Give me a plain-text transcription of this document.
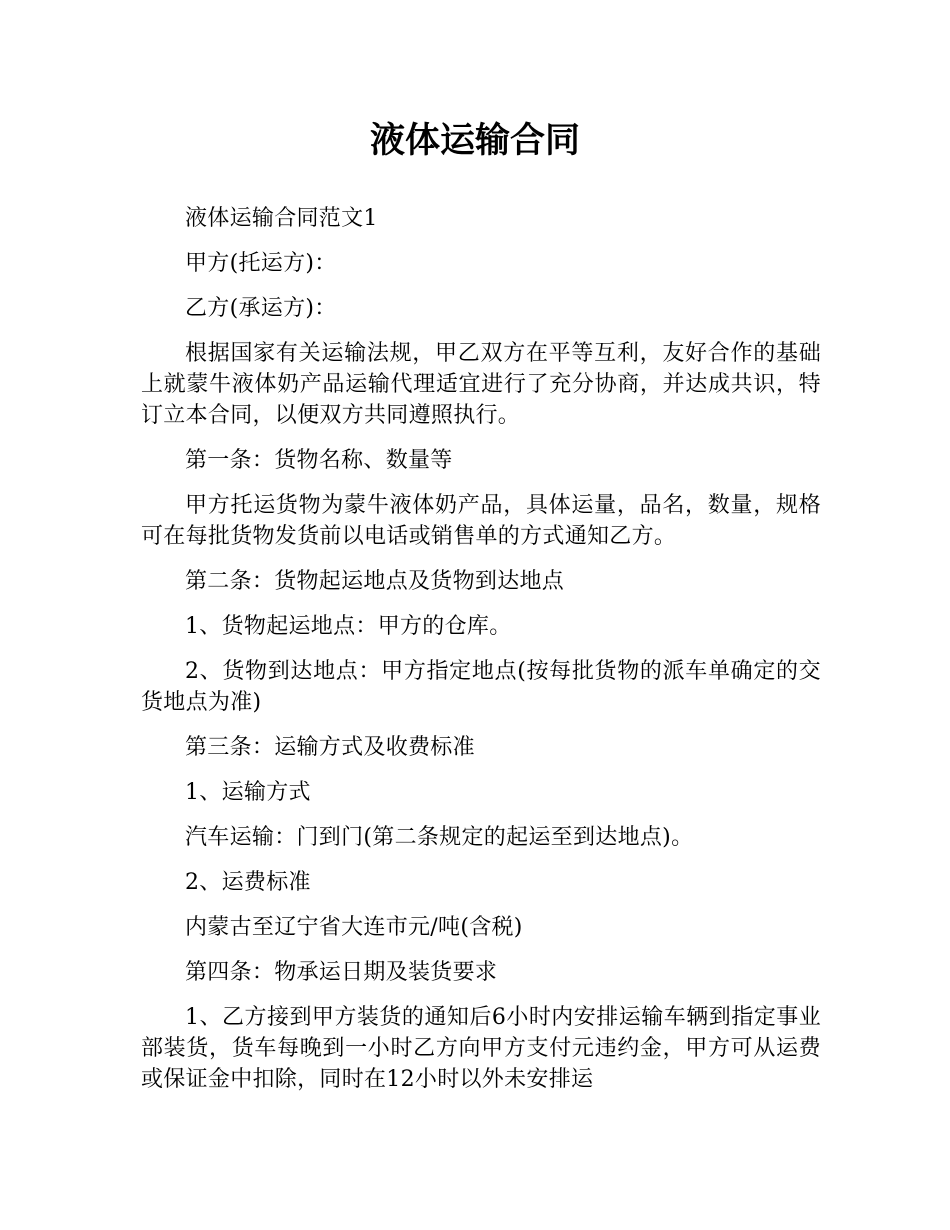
液体运输合同

液体运输合同范文1

甲方(托运方)：

乙方(承运方)：

根据国家有关运输法规，甲乙双方在平等互利，友好合作的基础上就蒙牛液体奶产品运输代理适宜进行了充分协商，并达成共识，特订立本合同，以便双方共同遵照执行。

第一条：货物名称、数量等

甲方托运货物为蒙牛液体奶产品，具体运量，品名，数量，规格可在每批货物发货前以电话或销售单的方式通知乙方。

第二条：货物起运地点及货物到达地点

1、货物起运地点：甲方的仓库。

2、货物到达地点：甲方指定地点(按每批货物的派车单确定的交货地点为准)

第三条：运输方式及收费标准

1、运输方式

汽车运输：门到门(第二条规定的起运至到达地点)。

2、运费标准

内蒙古至辽宁省大连市元/吨(含税)

第四条：物承运日期及装货要求

1、乙方接到甲方装货的通知后6小时内安排运输车辆到指定事业部装货，货车每晚到一小时乙方向甲方支付元违约金，甲方可从运费或保证金中扣除，同时在12小时以外未安排运
